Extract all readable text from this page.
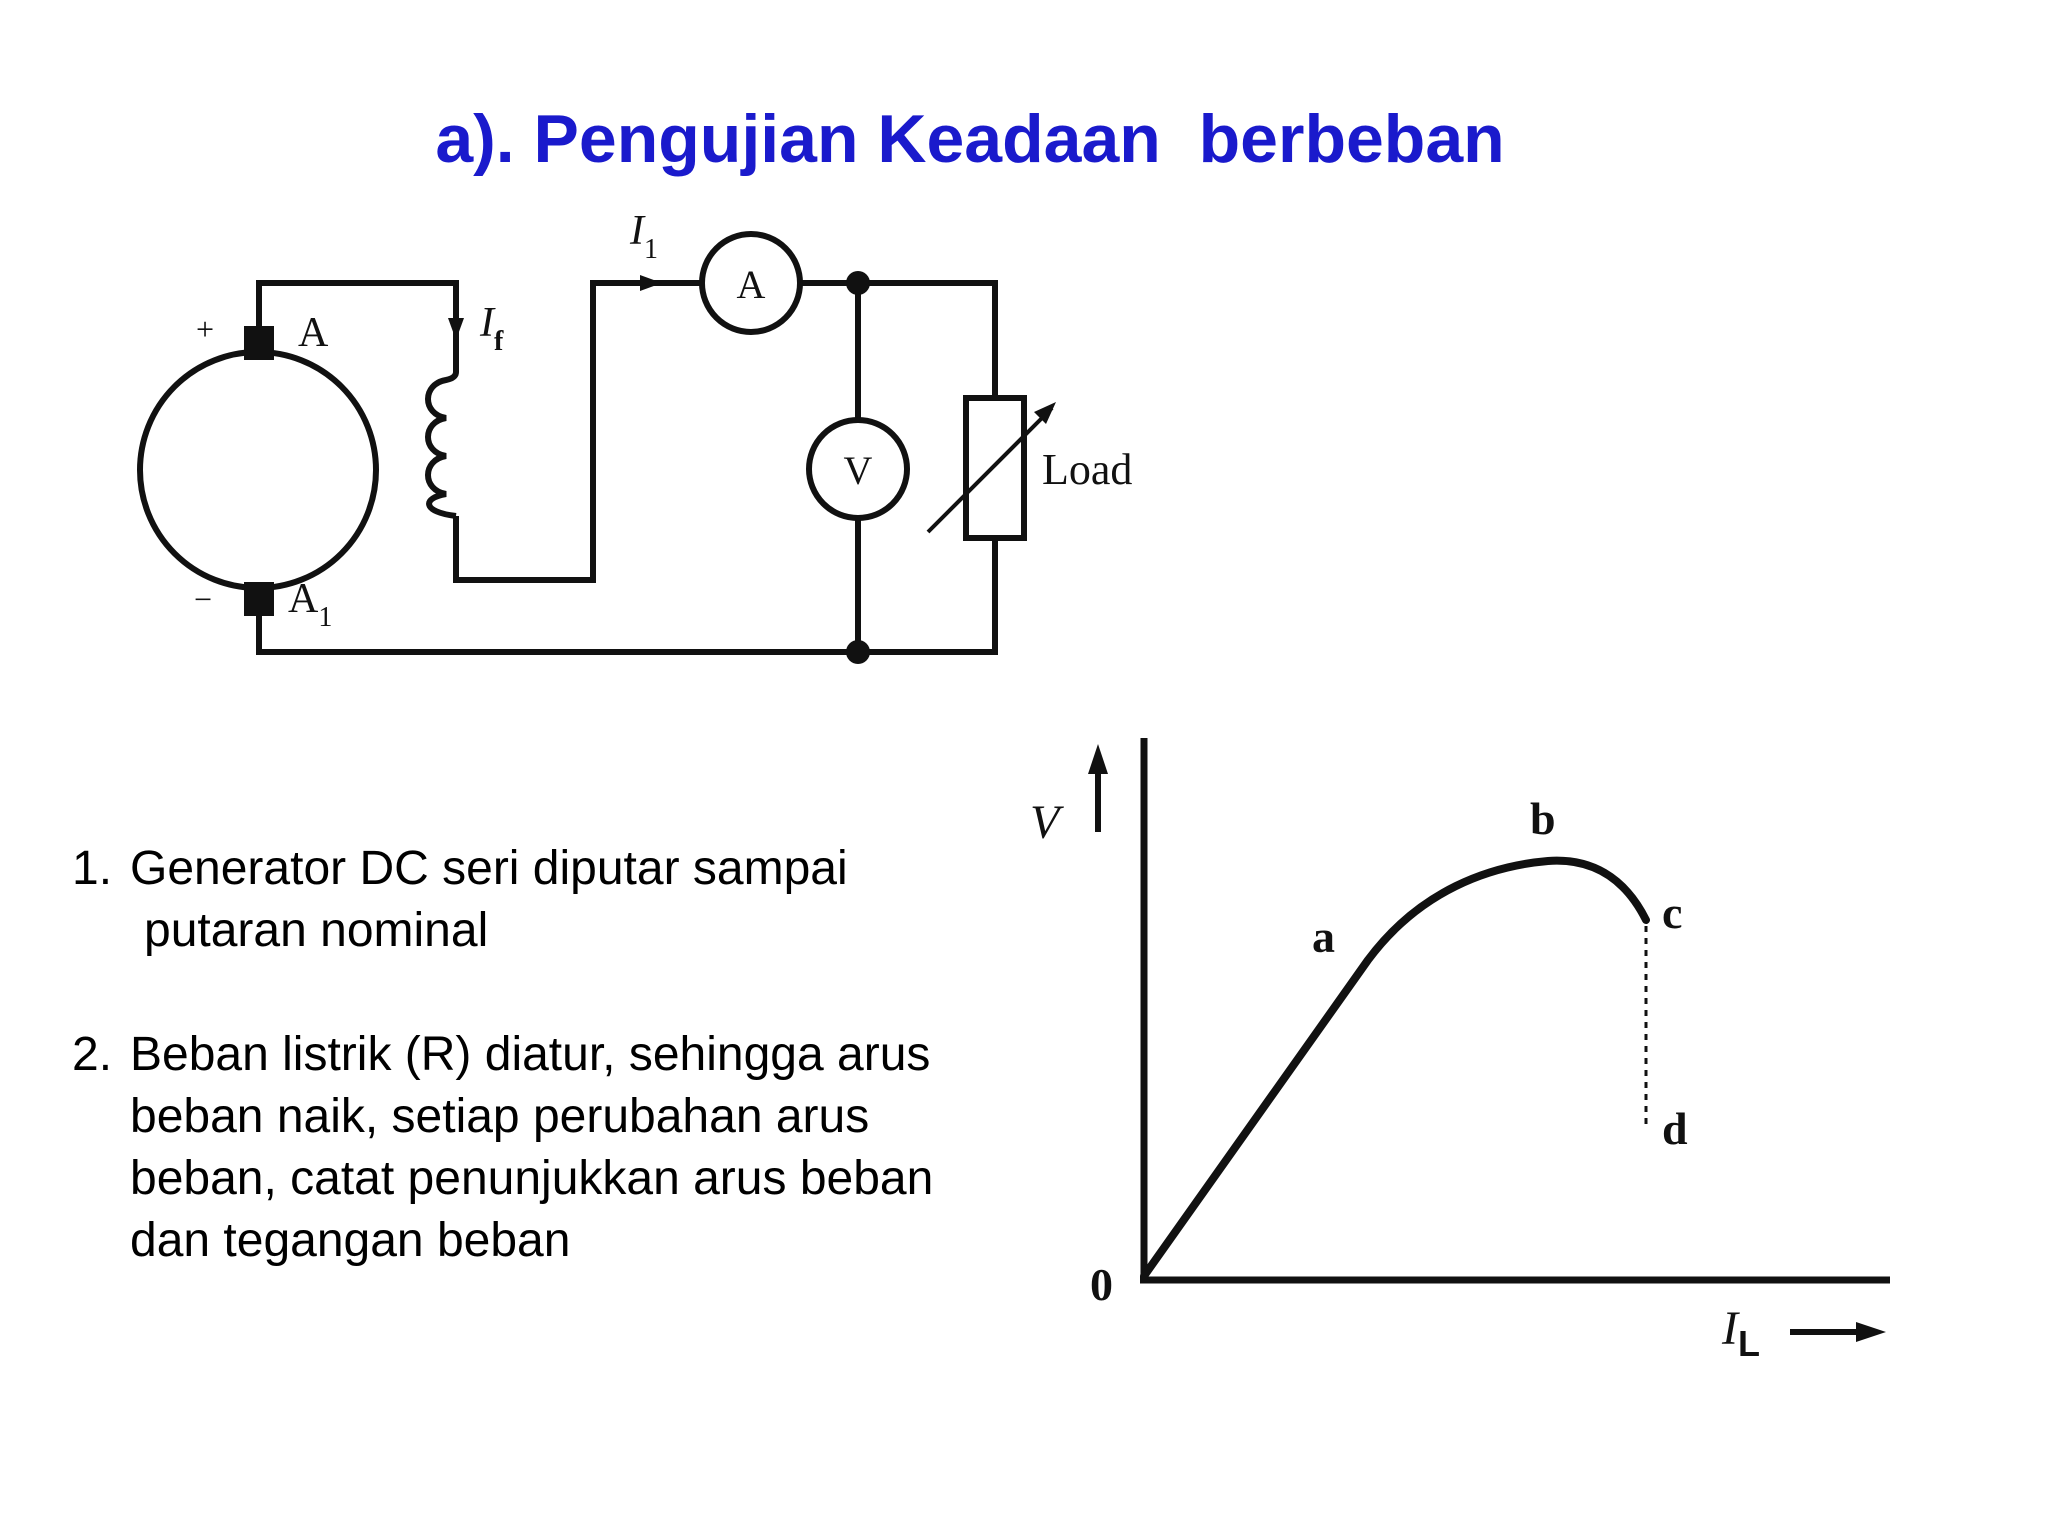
a). Pengujian Keadaan  berbeban
+
−
A
$A_1$
$I_f$
$I_1$
A
V	Load
V
$I_L$
0
a
b
c
d
1. Generator DC seri diputar sampai
putaran nominal
2. Beban listrik (R) diatur, sehingga arus
beban naik, setiap perubahan arus
beban, catat penunjukkan arus beban
dan tegangan beban
